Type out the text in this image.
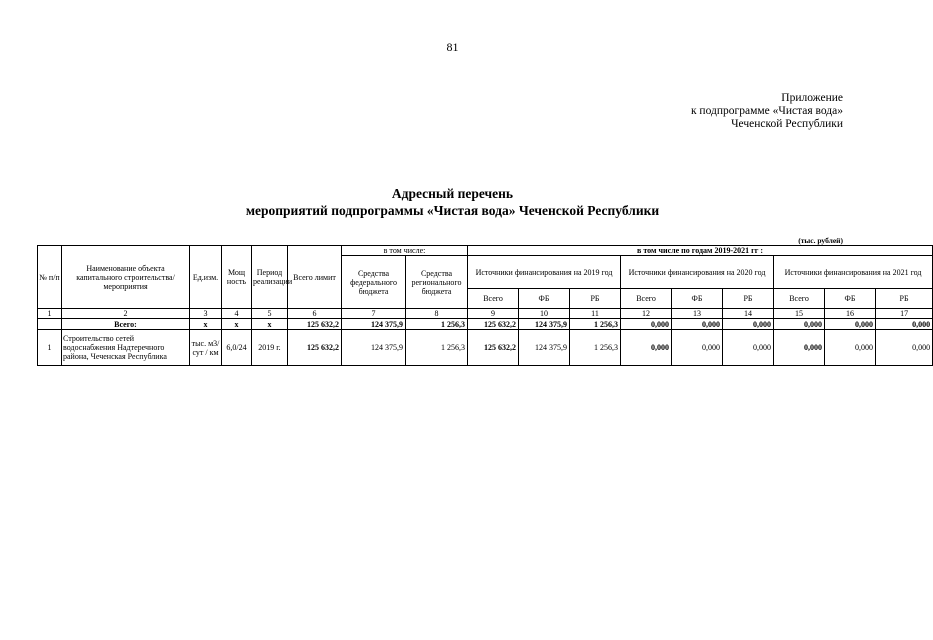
81
Приложение
к подпрограмме «Чистая вода»
Чеченской Республики
Адресный перечень
мероприятий подпрограммы «Чистая вода» Чеченской Республики
(тыс. рублей)
№ п/п	Наименование объекта капитального строительства/мероприятия	Ед.изм.	Мощ ность	Период реализации	Всего лимит	в том числе:		в том числе по годам 2019-2021 гг :								
						Средства федерального бюджета	Средства регионального бюджета	Источники финансирования на 2019 год			Источники финансирования на 2020 год			Источники финансирования на 2021 год		
								Всего	ФБ	РБ	Всего	ФБ	РБ	Всего	ФБ	РБ
1	2	3	4	5	6	7	8	9	10	11	12	13	14	15	16	17
	Всего:	х	х	х	125 632,2	124 375,9	1 256,3	125 632,2	124 375,9	1 256,3	0,000	0,000	0,000	0,000	0,000	0,000
1	Строительство сетей водоснабжения Надтеречного района, Чеченская Республика	тыс. м3/сут / км	6,0/24	2019 г.	125 632,2	124 375,9	1 256,3	125 632,2	124 375,9	1 256,3	0,000	0,000	0,000	0,000	0,000	0,000
